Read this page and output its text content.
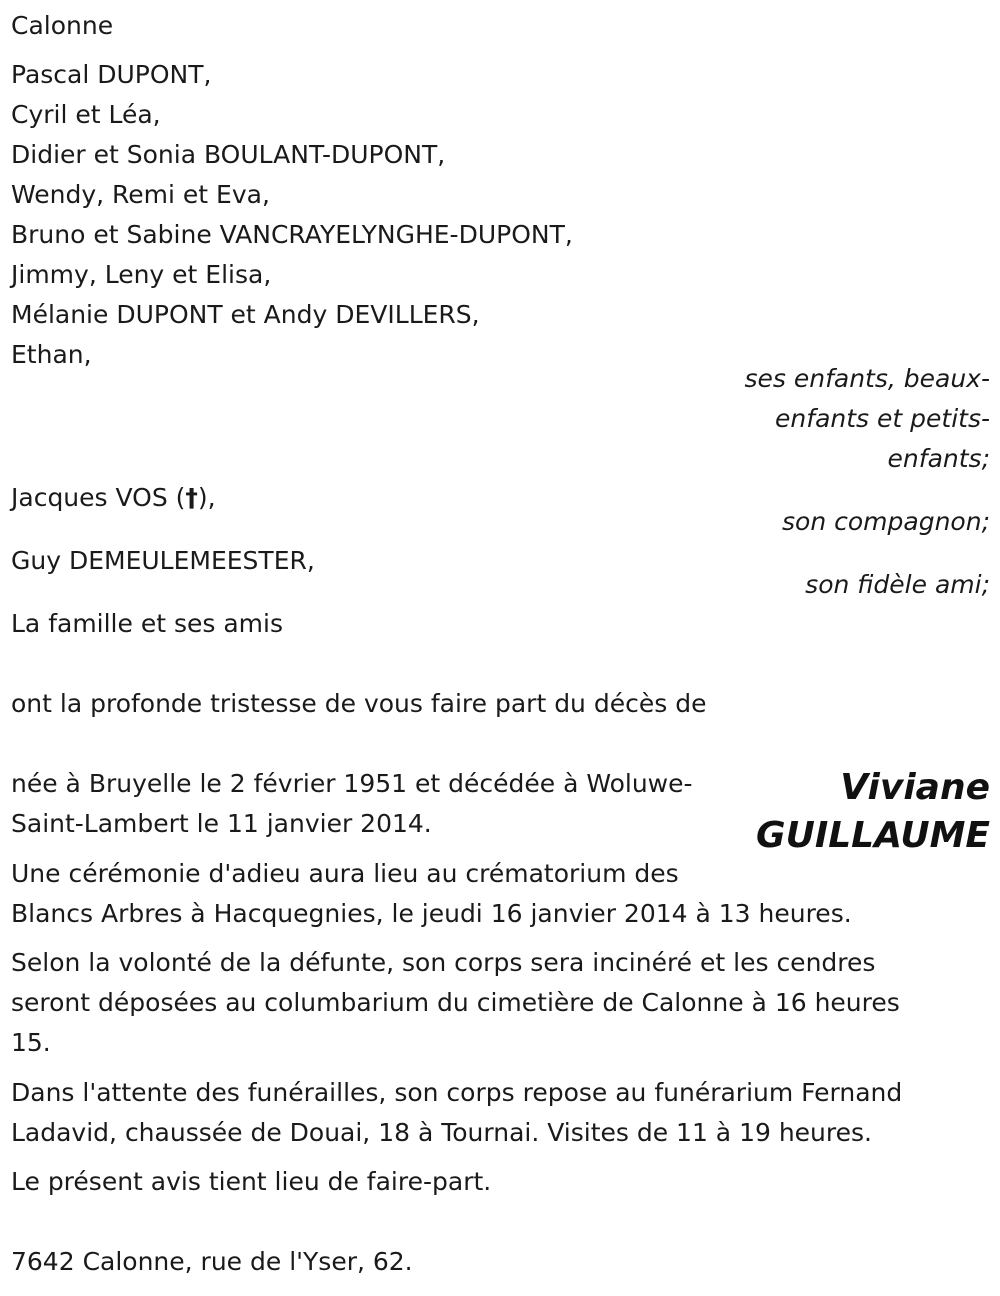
Calonne

Pascal DUPONT,

Cyril et Léa,

Didier et Sonia BOULANT-DUPONT,

Wendy, Remi et Eva,

Bruno et Sabine VANCRAYELYNGHE-DUPONT,

Jimmy, Leny et Elisa,

Mélanie DUPONT et Andy DEVILLERS,

Ethan,

ses enfants, beaux-

enfants et petits-

enfants;

Jacques VOS (†),

son compagnon;

Guy DEMEULEMEESTER,

son fidèle ami;

La famille et ses amis

ont la profonde tristesse de vous faire part du décès de

Viviane
GUILLAUME

née à Bruyelle le 2 février 1951 et décédée à Woluwe-

Saint-Lambert le 11 janvier 2014.

Une cérémonie d'adieu aura lieu au crématorium des

Blancs Arbres à Hacquegnies, le jeudi 16 janvier 2014 à 13 heures.

Selon la volonté de la défunte, son corps sera incinéré et les cendres

seront déposées au columbarium du cimetière de Calonne à 16 heures

15.

Dans l'attente des funérailles, son corps repose au funérarium Fernand

Ladavid, chaussée de Douai, 18 à Tournai. Visites de 11 à 19 heures.

Le présent avis tient lieu de faire-part.

7642 Calonne, rue de l'Yser, 62.
